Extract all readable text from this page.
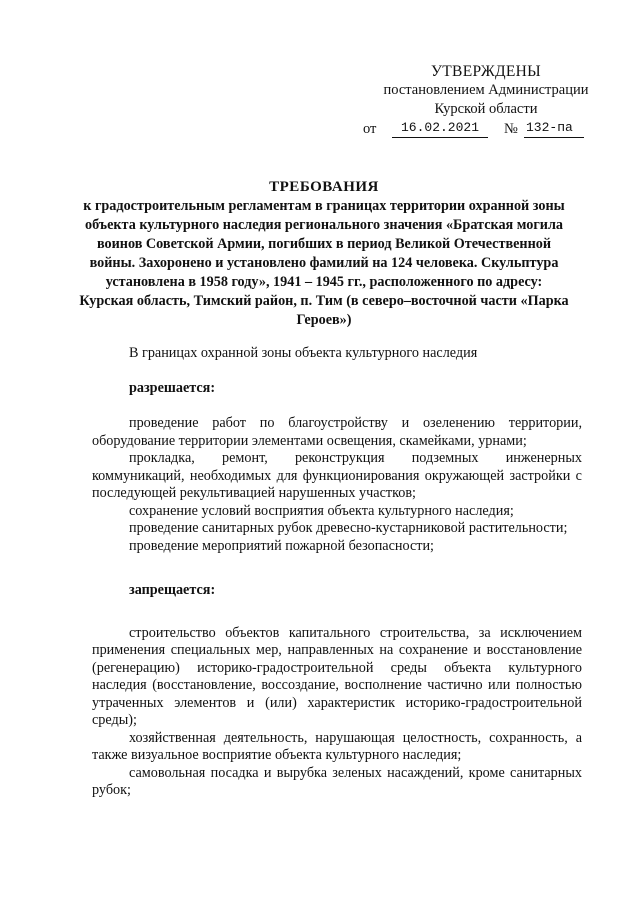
УТВЕРЖДЕНЫ
постановлением Администрации
Курской области
от	16.02.2021	№ 132-па
ТРЕБОВАНИЯ
к градостроительным регламентам в границах территории охранной зоны объекта культурного наследия регионального значения «Братская могила воинов Советской Армии, погибших в период Великой Отечественной войны. Захоронено и установлено фамилий на 124 человека. Скульптура установлена в 1958 году», 1941 – 1945 гг., расположенного по адресу: Курская область, Тимский район, п. Тим (в северо–восточной части «Парка Героев»)

В границах охранной зоны объекта культурного наследия

разрешается:

проведение работ по благоустройству и озеленению территории, оборудование территории элементами освещения, скамейками, урнами;

прокладка, ремонт, реконструкция подземных инженерных коммуникаций, необходимых для функционирования окружающей застройки с последующей рекультивацией нарушенных участков;

сохранение условий восприятия объекта культурного наследия;

проведение санитарных рубок древесно-кустарниковой растительности;

проведение мероприятий пожарной безопасности;

запрещается:

строительство объектов капитального строительства, за исключением применения специальных мер, направленных на сохранение и восстановление (регенерацию) историко-градостроительной среды объекта культурного наследия (восстановление, воссоздание, восполнение частично или полностью утраченных элементов и (или) характеристик историко-градостроительной среды);

хозяйственная деятельность, нарушающая целостность, сохранность, а также визуальное восприятие объекта культурного наследия;

самовольная посадка и вырубка зеленых насаждений, кроме санитарных рубок;
